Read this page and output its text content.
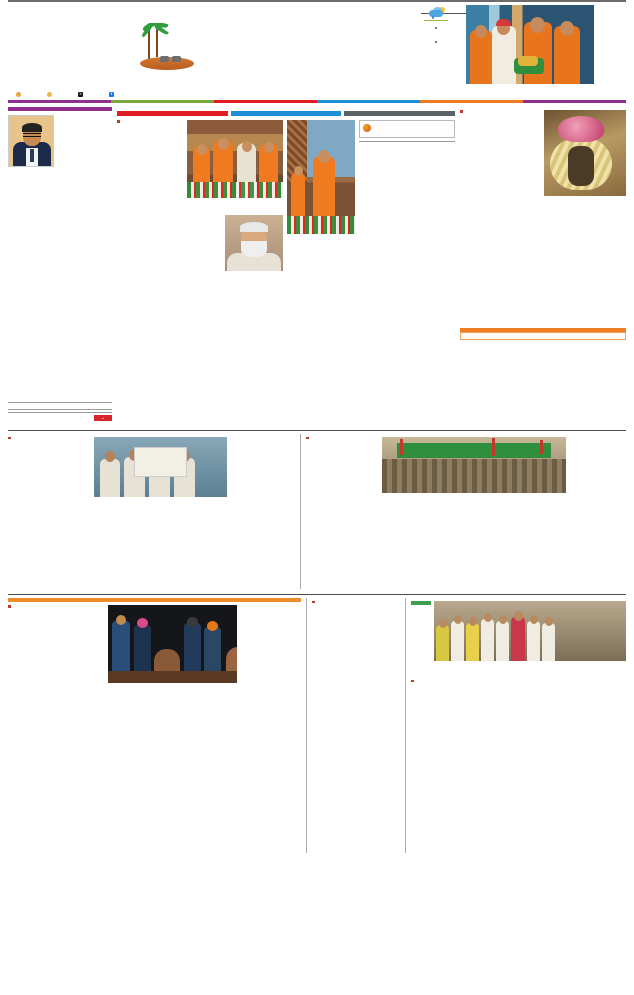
$^o$
$^o$
𝕏	f
⌄
